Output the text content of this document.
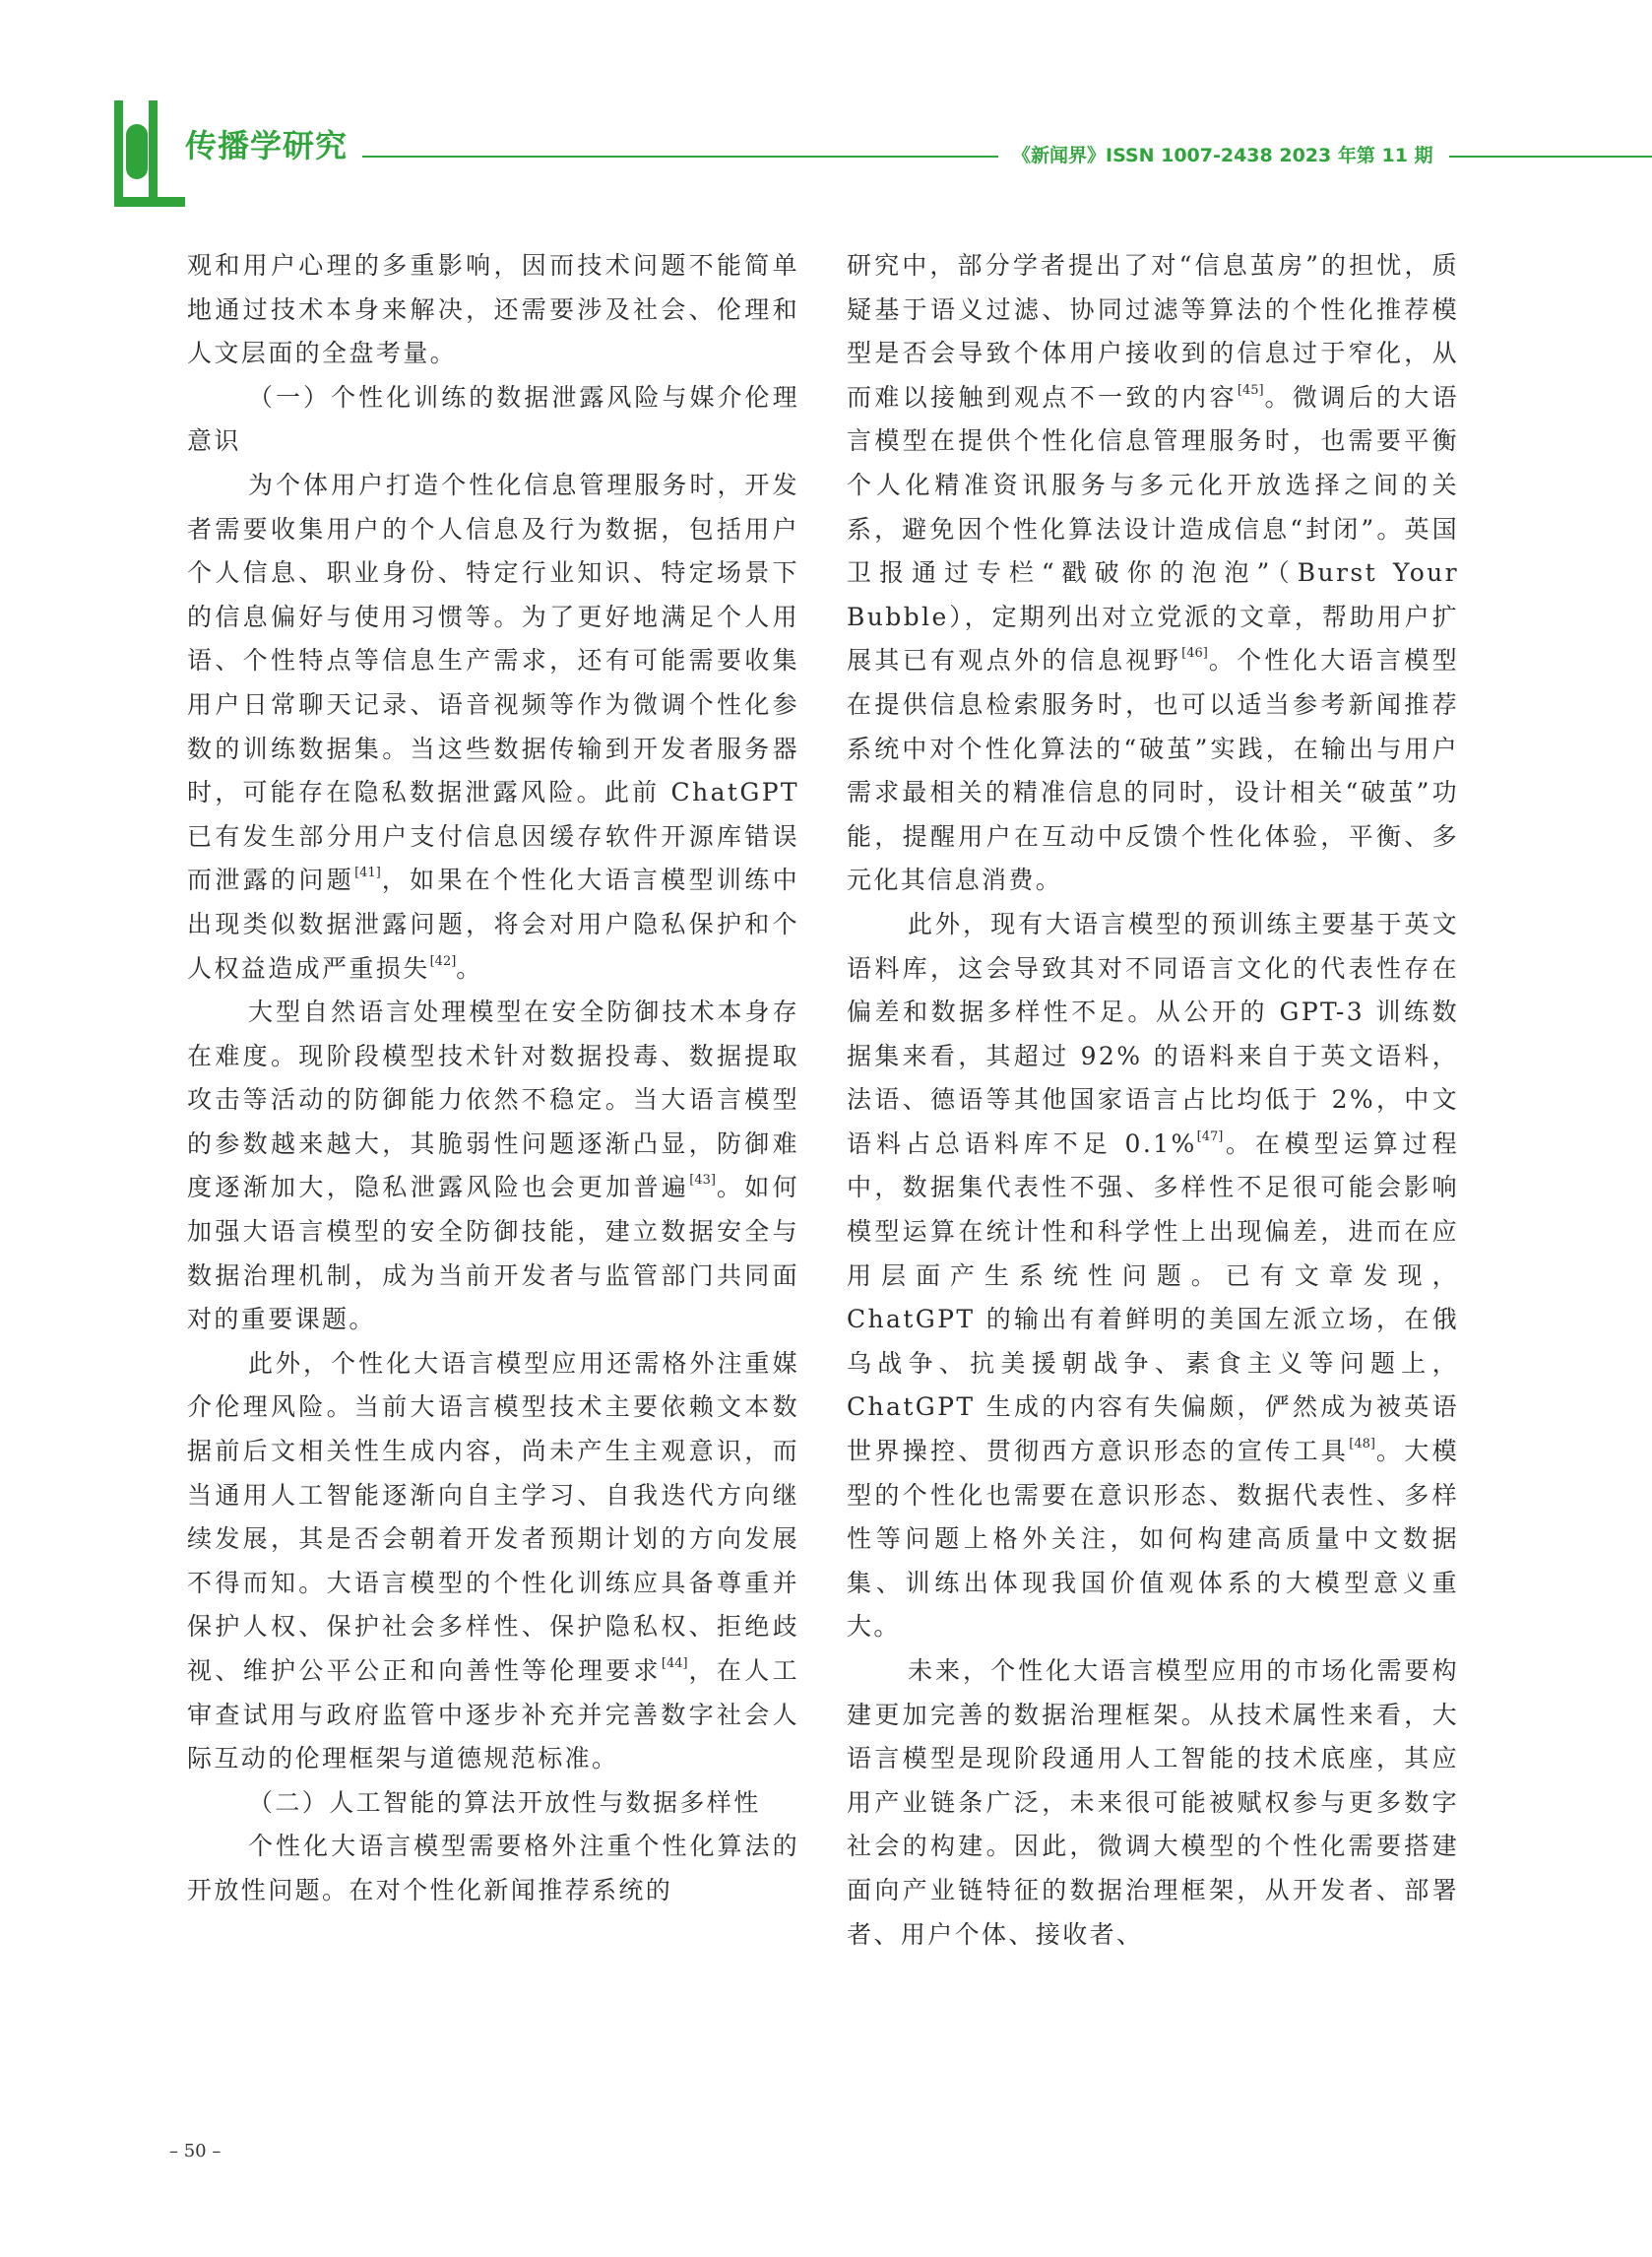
传播学研究	《新闻界》ISSN 1007-2438 2023 年第 11 期

观和用户心理的多重影响，因而技术问题不能简单地通过技术本身来解决，还需要涉及社会、伦理和人文层面的全盘考量。

（一）个性化训练的数据泄露风险与媒介伦理意识

为个体用户打造个性化信息管理服务时，开发者需要收集用户的个人信息及行为数据，包括用户个人信息、职业身份、特定行业知识、特定场景下的信息偏好与使用习惯等。为了更好地满足个人用语、个性特点等信息生产需求，还有可能需要收集用户日常聊天记录、语音视频等作为微调个性化参数的训练数据集。当这些数据传输到开发者服务器时，可能存在隐私数据泄露风险。此前 ChatGPT 已有发生部分用户支付信息因缓存软件开源库错误而泄露的问题[41]，如果在个性化大语言模型训练中出现类似数据泄露问题，将会对用户隐私保护和个人权益造成严重损失[42]。

大型自然语言处理模型在安全防御技术本身存在难度。现阶段模型技术针对数据投毒、数据提取攻击等活动的防御能力依然不稳定。当大语言模型的参数越来越大，其脆弱性问题逐渐凸显，防御难度逐渐加大，隐私泄露风险也会更加普遍[43]。如何加强大语言模型的安全防御技能，建立数据安全与数据治理机制，成为当前开发者与监管部门共同面对的重要课题。

此外，个性化大语言模型应用还需格外注重媒介伦理风险。当前大语言模型技术主要依赖文本数据前后文相关性生成内容，尚未产生主观意识，而当通用人工智能逐渐向自主学习、自我迭代方向继续发展，其是否会朝着开发者预期计划的方向发展不得而知。大语言模型的个性化训练应具备尊重并保护人权、保护社会多样性、保护隐私权、拒绝歧视、维护公平公正和向善性等伦理要求[44]，在人工审查试用与政府监管中逐步补充并完善数字社会人际互动的伦理框架与道德规范标准。

（二）人工智能的算法开放性与数据多样性

个性化大语言模型需要格外注重个性化算法的开放性问题。在对个性化新闻推荐系统的

研究中，部分学者提出了对“信息茧房”的担忧，质疑基于语义过滤、协同过滤等算法的个性化推荐模型是否会导致个体用户接收到的信息过于窄化，从而难以接触到观点不一致的内容[45]。微调后的大语言模型在提供个性化信息管理服务时，也需要平衡个人化精准资讯服务与多元化开放选择之间的关系，避免因个性化算法设计造成信息“封闭”。英国卫报通过专栏“戳破你的泡泡”（Burst Your Bubble），定期列出对立党派的文章，帮助用户扩展其已有观点外的信息视野[46]。个性化大语言模型在提供信息检索服务时，也可以适当参考新闻推荐系统中对个性化算法的“破茧”实践，在输出与用户需求最相关的精准信息的同时，设计相关“破茧”功能，提醒用户在互动中反馈个性化体验，平衡、多元化其信息消费。

此外，现有大语言模型的预训练主要基于英文语料库，这会导致其对不同语言文化的代表性存在偏差和数据多样性不足。从公开的 GPT-3 训练数据集来看，其超过 92% 的语料来自于英文语料，法语、德语等其他国家语言占比均低于 2%，中文语料占总语料库不足 0.1%[47]。在模型运算过程中，数据集代表性不强、多样性不足很可能会影响模型运算在统计性和科学性上出现偏差，进而在应用层面产生系统性问题。已有文章发现，ChatGPT 的输出有着鲜明的美国左派立场，在俄乌战争、抗美援朝战争、素食主义等问题上，ChatGPT 生成的内容有失偏颇，俨然成为被英语世界操控、贯彻西方意识形态的宣传工具[48]。大模型的个性化也需要在意识形态、数据代表性、多样性等问题上格外关注，如何构建高质量中文数据集、训练出体现我国价值观体系的大模型意义重大。

未来，个性化大语言模型应用的市场化需要构建更加完善的数据治理框架。从技术属性来看，大语言模型是现阶段通用人工智能的技术底座，其应用产业链条广泛，未来很可能被赋权参与更多数字社会的构建。因此，微调大模型的个性化需要搭建面向产业链特征的数据治理框架，从开发者、部署者、用户个体、接收者、

– 50 –
